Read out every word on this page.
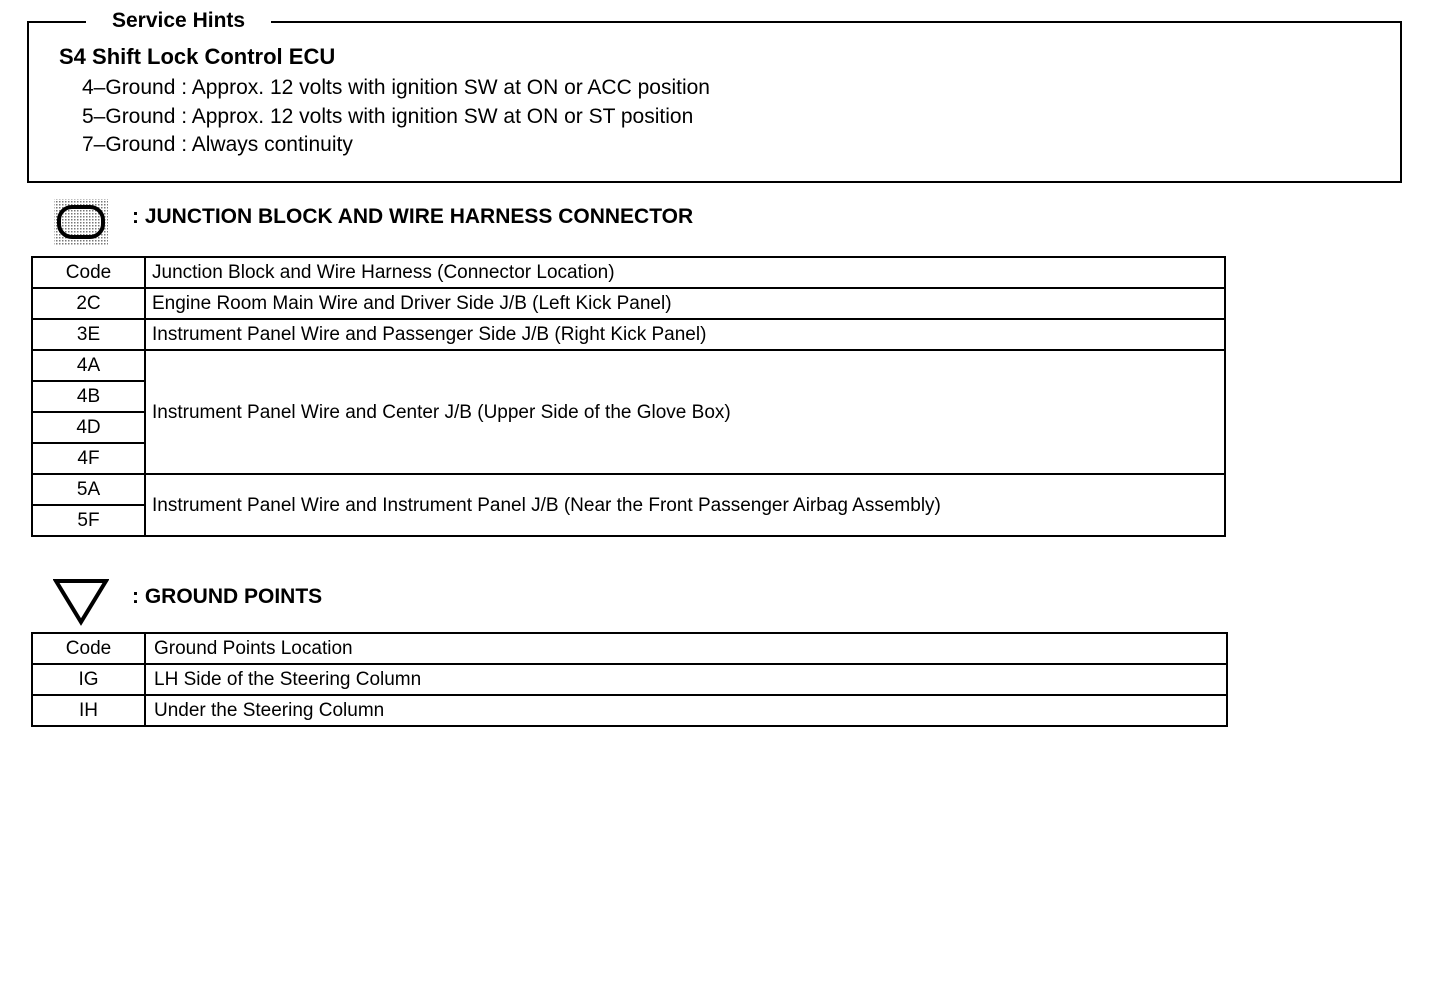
Service Hints
S4 Shift Lock Control ECU
4–Ground : Approx. 12 volts with ignition SW at ON or ACC position
5–Ground : Approx. 12 volts with ignition SW at ON or ST position
7–Ground : Always continuity
: JUNCTION BLOCK AND WIRE HARNESS CONNECTOR
Code	Junction Block and Wire Harness (Connector Location)
2C	Engine Room Main Wire and Driver Side J/B (Left Kick Panel)
3E	Instrument Panel Wire and Passenger Side J/B (Right Kick Panel)
4A	Instrument Panel Wire and Center J/B (Upper Side of the Glove Box)
4B	
4D	
4F	
5A	Instrument Panel Wire and Instrument Panel J/B (Near the Front Passenger Airbag Assembly)
5F	
: GROUND POINTS
Code	Ground Points Location
IG	LH Side of the Steering Column
IH	Under the Steering Column
